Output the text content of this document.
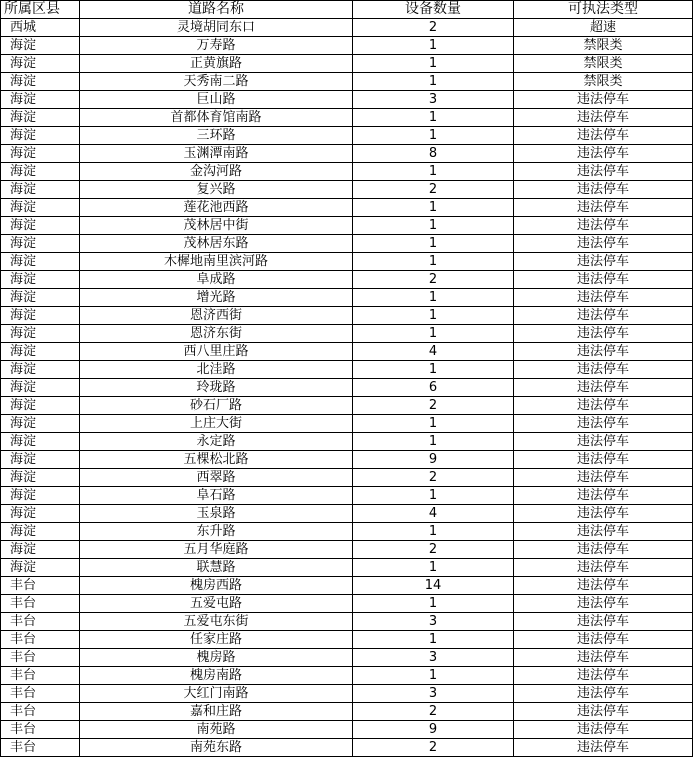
所属区县	道路名称	设备数量	可执法类型
西城	灵境胡同东口	2	超速
海淀	万寿路	1	禁限类
海淀	正黄旗路	1	禁限类
海淀	天秀南二路	1	禁限类
海淀	巨山路	3	违法停车
海淀	首都体育馆南路	1	违法停车
海淀	三环路	1	违法停车
海淀	玉渊潭南路	8	违法停车
海淀	金沟河路	1	违法停车
海淀	复兴路	2	违法停车
海淀	莲花池西路	1	违法停车
海淀	茂林居中街	1	违法停车
海淀	茂林居东路	1	违法停车
海淀	木樨地南里滨河路	1	违法停车
海淀	阜成路	2	违法停车
海淀	增光路	1	违法停车
海淀	恩济西街	1	违法停车
海淀	恩济东街	1	违法停车
海淀	西八里庄路	4	违法停车
海淀	北洼路	1	违法停车
海淀	玲珑路	6	违法停车
海淀	砂石厂路	2	违法停车
海淀	上庄大街	1	违法停车
海淀	永定路	1	违法停车
海淀	五棵松北路	9	违法停车
海淀	西翠路	2	违法停车
海淀	阜石路	1	违法停车
海淀	玉泉路	4	违法停车
海淀	东升路	1	违法停车
海淀	五月华庭路	2	违法停车
海淀	联慧路	1	违法停车
丰台	槐房西路	14	违法停车
丰台	五爱屯路	1	违法停车
丰台	五爱屯东街	3	违法停车
丰台	任家庄路	1	违法停车
丰台	槐房路	3	违法停车
丰台	槐房南路	1	违法停车
丰台	大红门南路	3	违法停车
丰台	嘉和庄路	2	违法停车
丰台	南苑路	9	违法停车
丰台	南苑东路	2	违法停车
